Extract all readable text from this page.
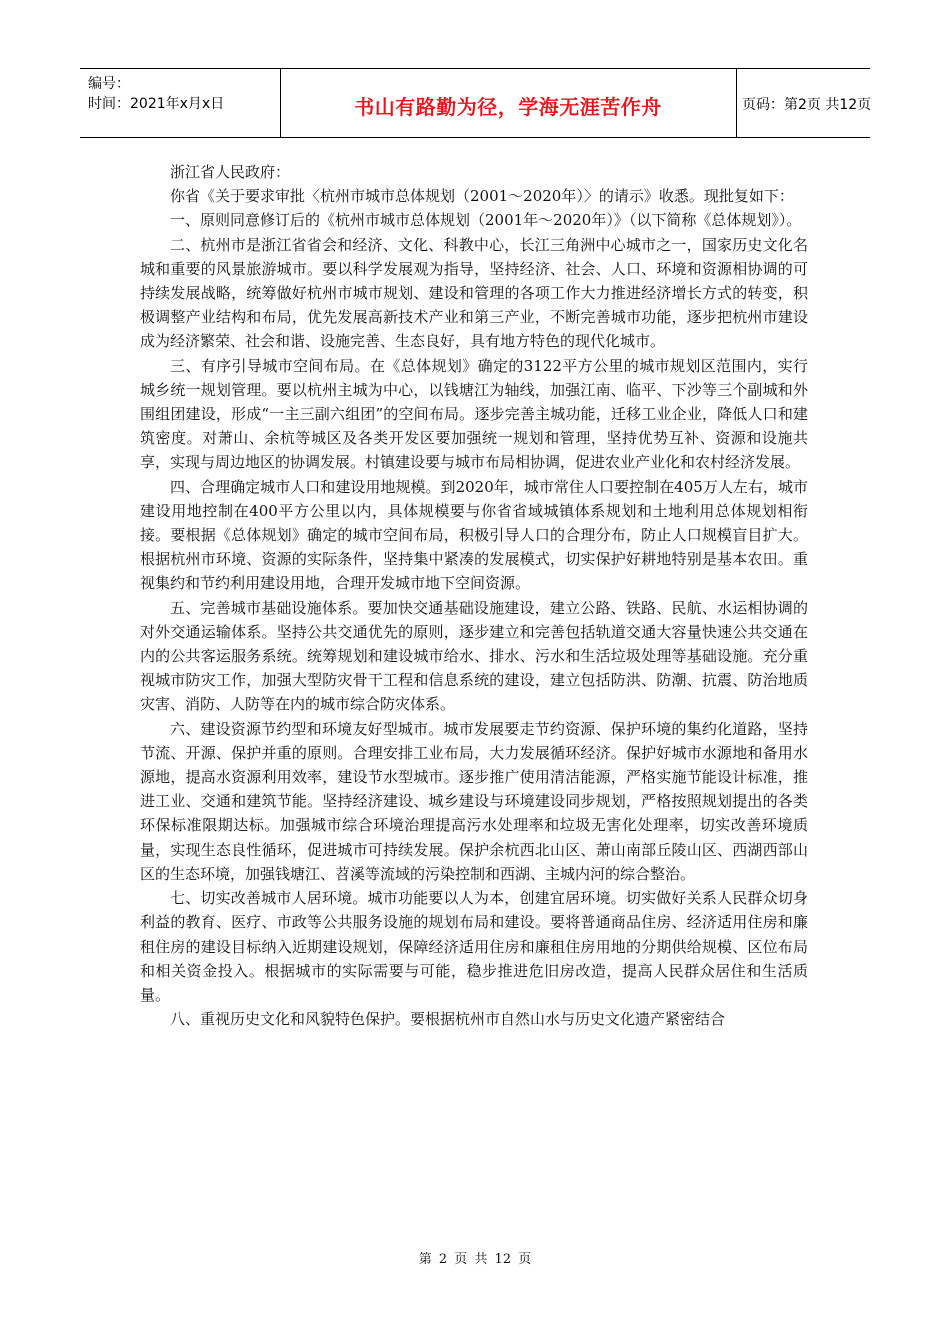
编号：
时间：2021年x月x日	书山有路勤为径，学海无涯苦作舟	页码：第2页 共12页

浙江省人民政府：

你省《关于要求审批〈杭州市城市总体规划（2001～2020年）〉的请示》收悉。现批复如下：

一、原则同意修订后的《杭州市城市总体规划（2001年～2020年）》（以下简称《总体规划》）。

二、杭州市是浙江省省会和经济、文化、科教中心，长江三角洲中心城市之一，国家历史文化名城和重要的风景旅游城市。要以科学发展观为指导，坚持经济、社会、人口、环境和资源相协调的可持续发展战略，统筹做好杭州市城市规划、建设和管理的各项工作大力推进经济增长方式的转变，积极调整产业结构和布局，优先发展高新技术产业和第三产业，不断完善城市功能，逐步把杭州市建设成为经济繁荣、社会和谐、设施完善、生态良好，具有地方特色的现代化城市。

三、有序引导城市空间布局。在《总体规划》确定的3122平方公里的城市规划区范围内，实行城乡统一规划管理。要以杭州主城为中心，以钱塘江为轴线，加强江南、临平、下沙等三个副城和外围组团建设，形成“一主三副六组团”的空间布局。逐步完善主城功能，迁移工业企业，降低人口和建筑密度。对萧山、余杭等城区及各类开发区要加强统一规划和管理，坚持优势互补、资源和设施共享，实现与周边地区的协调发展。村镇建设要与城市布局相协调，促进农业产业化和农村经济发展。

四、合理确定城市人口和建设用地规模。到2020年，城市常住人口要控制在405万人左右，城市建设用地控制在400平方公里以内，具体规模要与你省省域城镇体系规划和土地利用总体规划相衔接。要根据《总体规划》确定的城市空间布局，积极引导人口的合理分布，防止人口规模盲目扩大。根据杭州市环境、资源的实际条件，坚持集中紧凑的发展模式，切实保护好耕地特别是基本农田。重视集约和节约利用建设用地，合理开发城市地下空间资源。

五、完善城市基础设施体系。要加快交通基础设施建设，建立公路、铁路、民航、水运相协调的对外交通运输体系。坚持公共交通优先的原则，逐步建立和完善包括轨道交通大容量快速公共交通在内的公共客运服务系统。统筹规划和建设城市给水、排水、污水和生活垃圾处理等基础设施。充分重视城市防灾工作，加强大型防灾骨干工程和信息系统的建设，建立包括防洪、防潮、抗震、防治地质灾害、消防、人防等在内的城市综合防灾体系。

六、建设资源节约型和环境友好型城市。城市发展要走节约资源、保护环境的集约化道路，坚持节流、开源、保护并重的原则。合理安排工业布局，大力发展循环经济。保护好城市水源地和备用水源地，提高水资源利用效率，建设节水型城市。逐步推广使用清洁能源，严格实施节能设计标准，推进工业、交通和建筑节能。坚持经济建设、城乡建设与环境建设同步规划，严格按照规划提出的各类环保标准限期达标。加强城市综合环境治理提高污水处理率和垃圾无害化处理率，切实改善环境质量，实现生态良性循环，促进城市可持续发展。保护余杭西北山区、萧山南部丘陵山区、西湖西部山区的生态环境，加强钱塘江、苕溪等流域的污染控制和西湖、主城内河的综合整治。

七、切实改善城市人居环境。城市功能要以人为本，创建宜居环境。切实做好关系人民群众切身利益的教育、医疗、市政等公共服务设施的规划布局和建设。要将普通商品住房、经济适用住房和廉租住房的建设目标纳入近期建设规划，保障经济适用住房和廉租住房用地的分期供给规模、区位布局和相关资金投入。根据城市的实际需要与可能，稳步推进危旧房改造，提高人民群众居住和生活质量。

八、重视历史文化和风貌特色保护。要根据杭州市自然山水与历史文化遗产紧密结合

第 2 页 共 12 页
